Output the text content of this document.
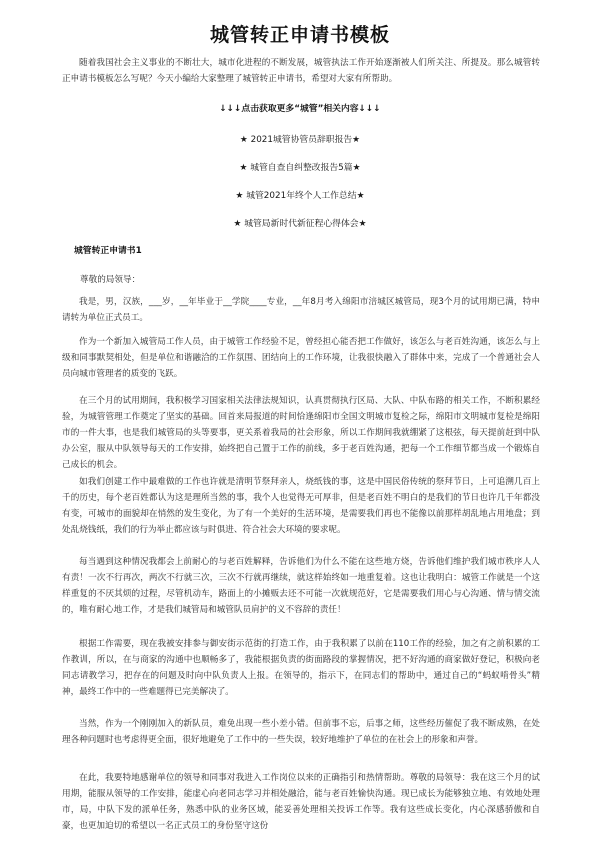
城管转正申请书模板

随着我国社会主义事业的不断壮大，城市化进程的不断发展，城管执法工作开始逐渐被人们所关注、所提及。那么城管转正申请书模板怎么写呢？今天小编给大家整理了城管转正申请书，希望对大家有所帮助。

↓↓↓点击获取更多“城管”相关内容↓↓↓

★ 2021城管协管员辞职报告★

★ 城管自查自纠整改报告5篇★

★ 城管2021年终个人工作总结★

★ 城管局新时代新征程心得体会★

城管转正申请书1

尊敬的局领导：

我是，男，汉族，___岁，__年毕业于__学院____专业，__年8月考入绵阳市涪城区城管局，现3个月的试用期已满，特申请转为单位正式员工。

作为一个新加入城管局工作人员，由于城管工作经验不足，曾经担心能否把工作做好，该怎么与老百姓沟通，该怎么与上级和同事默契相处，但是单位和谐融洽的工作氛围、团结向上的工作环境，让我很快融入了群体中来，完成了一个普通社会人员向城市管理者的质变的飞跃。

在三个月的试用期间，我积极学习国家相关法律法规知识，认真贯彻执行区局、大队、中队布路的相关工作，不断积累经验，为城管管理工作奠定了坚实的基础。回首来局报道的时间恰逢绵阳市全国文明城市复检之际，绵阳市文明城市复检是绵阳市的一件大事，也是我们城管局的头等要事，更关系着我局的社会形象，所以工作期间我就绷紧了这根弦，每天提前赶到中队办公室，服从中队领导每天的工作安排，始终把自己置于工作的前线，多于老百姓沟通，把每一个工作细节都当成一个锻炼自己成长的机会。

如我们创建工作中最难做的工作也许就是清明节祭拜亲人，烧纸钱的事，这是中国民俗传统的祭拜节日，上可追溯几百上千的历史，每个老百姓都认为这是理所当然的事，我个人也觉得无可厚非，但是老百姓不明白的是我们的节日也许几千年都没有变，可城市的面貌却在悄然的发生变化，为了有一个美好的生活环境，是需要我们再也不能像以前那样胡乱地占用地盘；到处乱烧钱纸，我们的行为举止都应该与时俱进、符合社会大环境的要求呢。

每当遇到这种情况我都会上前耐心的与老百姓解释，告诉他们为什么不能在这些地方烧，告诉他们维护我们城市秩序人人有责！一次不行再次，两次不行就三次，三次不行就再继续，就这样始终如一地重复着。这也让我明白：城管工作就是一个这样重复的不厌其烦的过程，尽管机动车，路面上的小摊贩去还不可能一次就规范好，它是需要我们用心与心沟通、情与情交流的，唯有耐心地工作，才是我们城管局和城管队员肩护的义不容辞的责任！

根据工作需要，现在我被安排参与御安街示范街的打造工作，由于我积累了以前在110工作的经验，加之有之前积累的工作教训，所以，在与商家的沟通中也顺畅多了，我能根据负责的街面路段的掌握情况，把不好沟通的商家做好登记，积极向老同志请教学习，把存在的问题及时向中队负责人上报。在领导的，指示下，在同志们的帮助中，通过自己的“蚂蚁啃骨头”精神，最终工作中的一些难题得已完美解决了。

当然，作为一个刚刚加入的新队员，难免出现一些小差小错。但前事不忘，后事之师，这些经历催促了我不断成熟，在处理各种问题时也考虑得更全面，很好地避免了工作中的一些失误，较好地维护了单位的在社会上的形象和声誉。

在此，我要特地感谢单位的领导和同事对我进入工作岗位以来的正确指引和热情帮助。尊敬的局领导：我在这三个月的试用期，能服从领导的工作安排，能虚心向老同志学习并相处融洽，能与老百姓愉快沟通。现已成长为能够独立地、有效地处理市，局，中队下发的派单任务，熟悉中队的业务区域，能妥善处理相关投诉工作等。我有这些成长变化，内心深感骄傲和自豪，也更加迫切的希望以一名正式员工的身份坚守这份
